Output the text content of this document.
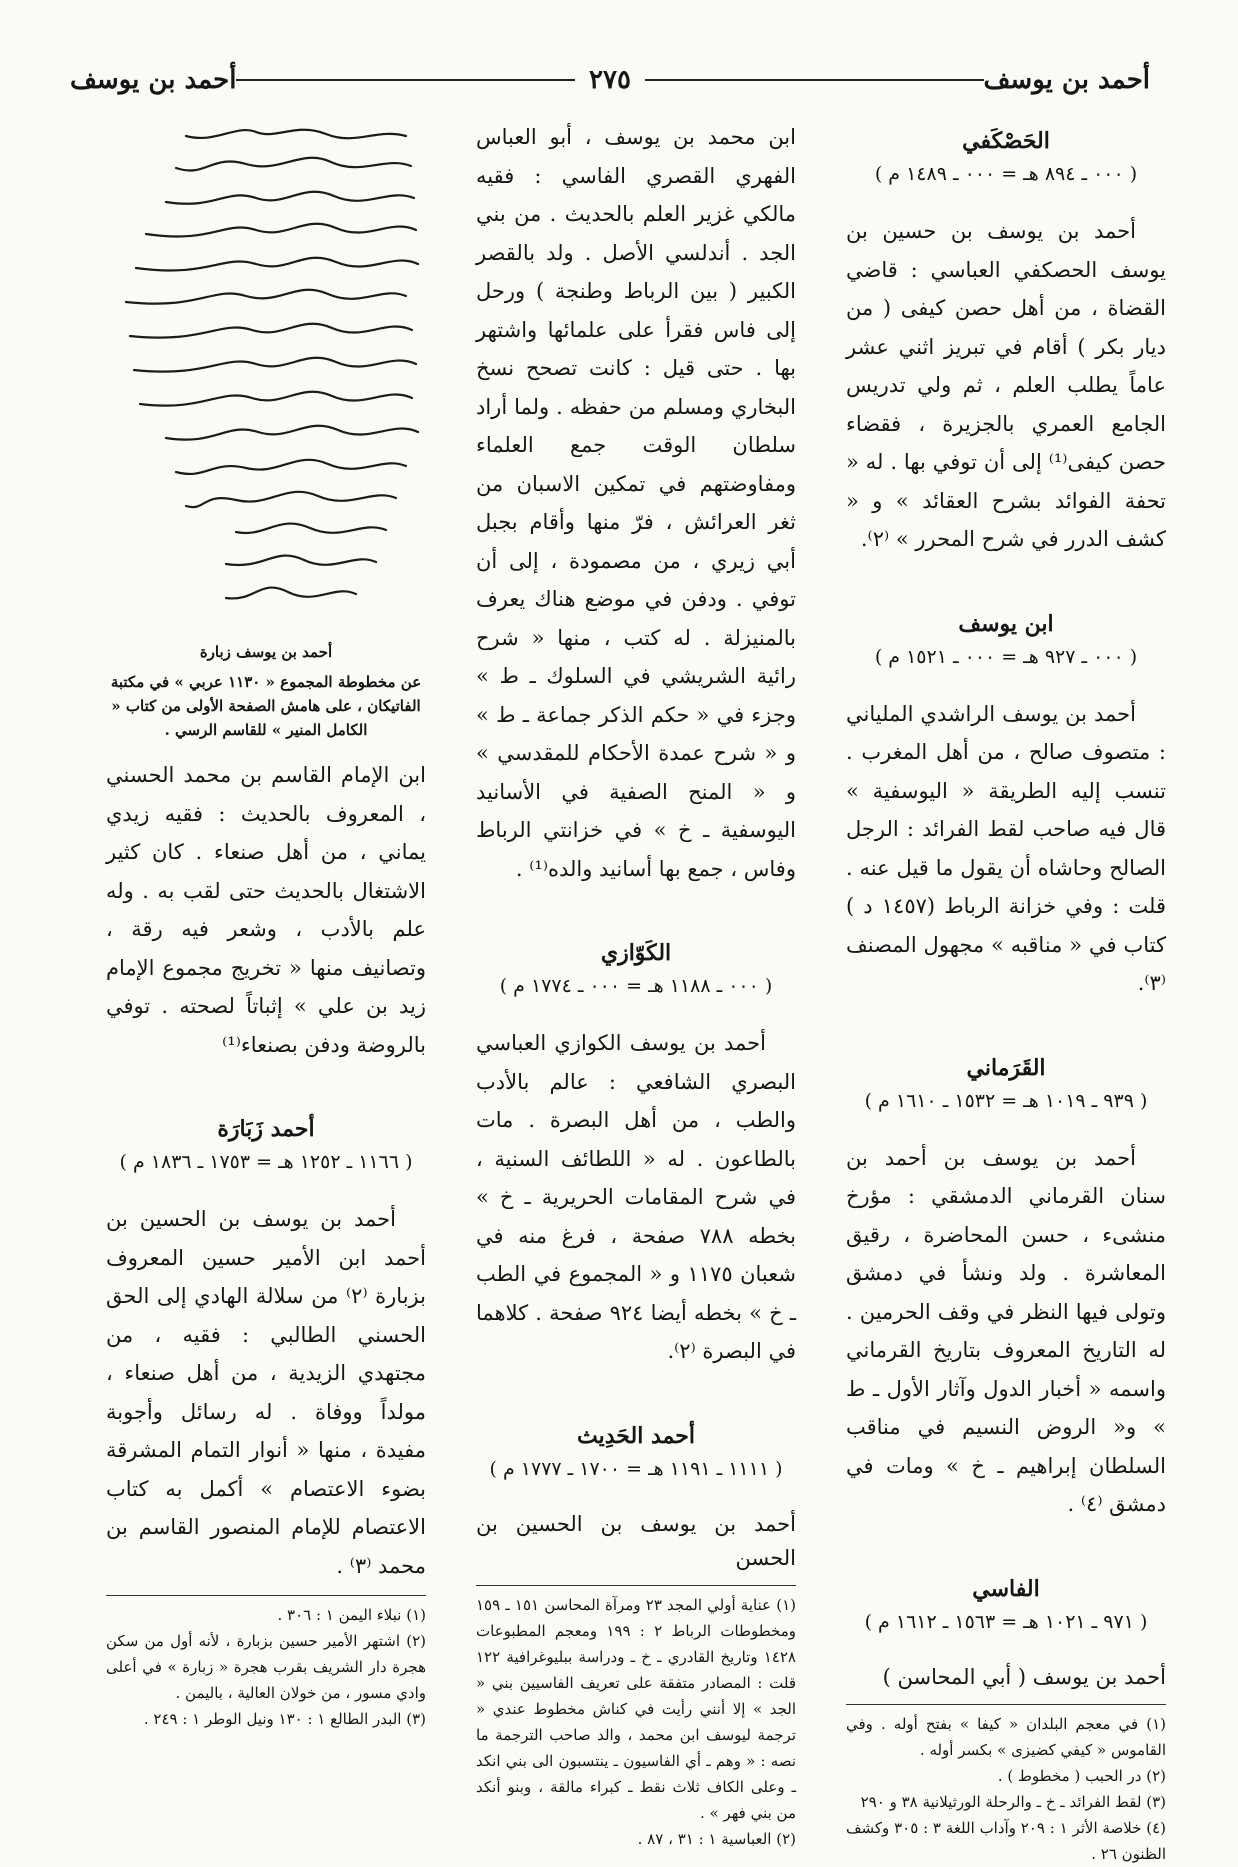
أحمد بن يوسف
٢٧٥
أحمد بن يوسف
الحَصْكَفي
( ٠٠٠ ـ ٨٩٤ هـ = ٠٠٠ ـ ١٤٨٩ م )

أحمد بن يوسف بن حسين بن يوسف الحصكفي العباسي : قاضي القضاة ، من أهل حصن كيفى ( من ديار بكر ) أقام في تبريز اثني عشر عاماً يطلب العلم ، ثم ولي تدريس الجامع العمري بالجزيرة ، فقضاء حصن كيفى⁽¹⁾ إلى أن توفي بها . له « تحفة الفوائد بشرح العقائد » و « كشف الدرر في شرح المحرر » ⁽٢⁾.

ابن يوسف
( ٠٠٠ ـ ٩٢٧ هـ = ٠٠٠ ـ ١٥٢١ م )

أحمد بن يوسف الراشدي الملياني : متصوف صالح ، من أهل المغرب . تنسب إليه الطريقة « اليوسفية » قال فيه صاحب لقط الفرائد : الرجل الصالح وحاشاه أن يقول ما قيل عنه . قلت : وفي خزانة الرباط (١٤٥٧ د ) كتاب في « مناقبه » مجهول المصنف ⁽٣⁾.

القَرَماني
( ٩٣٩ ـ ١٠١٩ هـ = ١٥٣٢ ـ ١٦١٠ م )

أحمد بن يوسف بن أحمد بن سنان القرماني الدمشقي : مؤرخ منشىء ، حسن المحاضرة ، رقيق المعاشرة . ولد ونشأ في دمشق وتولى فيها النظر في وقف الحرمين . له التاريخ المعروف بتاريخ القرماني واسمه « أخبار الدول وآثار الأول ـ ط » و« الروض النسيم في مناقب السلطان إبراهيم ـ خ » ومات في دمشق ⁽٤⁾ .

الفاسي
( ٩٧١ ـ ١٠٢١ هـ = ١٥٦٣ ـ ١٦١٢ م )

أحمد بن يوسف ( أبي المحاسن )

(١) في معجم البلدان « كيفا » بفتح أوله . وفي القاموس « كيفي كضيزى » بكسر أوله .

(٢) در الحبب ( مخطوط ) .

(٣) لقط الفرائد ـ خ ـ والرحلة الورثيلانية ٣٨ و ٢٩٠

(٤) خلاصة الأثر ١ : ٢٠٩ وآداب اللغة ٣ : ٣٠٥ وكشف الظنون ٢٦ .

ابن محمد بن يوسف ، أبو العباس الفهري القصري الفاسي : فقيه مالكي غزير العلم بالحديث . من بني الجد . أندلسي الأصل . ولد بالقصر الكبير ( بين الرباط وطنجة ) ورحل إلى فاس فقرأ على علمائها واشتهر بها . حتى قيل : كانت تصحح نسخ البخاري ومسلم من حفظه . ولما أراد سلطان الوقت جمع العلماء ومفاوضتهم في تمكين الاسبان من ثغر العرائش ، فرّ منها وأقام بجبل أبي زيري ، من مصمودة ، إلى أن توفي . ودفن في موضع هناك يعرف بالمنيزلة . له كتب ، منها « شرح رائية الشريشي في السلوك ـ ط » وجزء في « حكم الذكر جماعة ـ ط » و « شرح عمدة الأحكام للمقدسي » و « المنح الصفية في الأسانيد اليوسفية ـ خ » في خزانتي الرباط وفاس ، جمع بها أسانيد والده⁽¹⁾ .

الكَوّازي
( ٠٠٠ ـ ١١٨٨ هـ = ٠٠٠ ـ ١٧٧٤ م )

أحمد بن يوسف الكوازي العباسي البصري الشافعي : عالم بالأدب والطب ، من أهل البصرة . مات بالطاعون . له « اللطائف السنية ، في شرح المقامات الحريرية ـ خ » بخطه ٧٨٨ صفحة ، فرغ منه في شعبان ١١٧٥ و « المجموع في الطب ـ خ » بخطه أيضا ٩٢٤ صفحة . كلاهما في البصرة ⁽٢⁾.

أحمد الحَدِيث
( ١١١١ ـ ١١٩١ هـ = ١٧٠٠ ـ ١٧٧٧ م )

أحمد بن يوسف بن الحسين بن الحسن

(١) عناية أولي المجد ٢٣ ومرآة المحاسن ١٥١ ـ ١٥٩ ومخطوطات الرباط ٢ : ١٩٩ ومعجم المطبوعات ١٤٢٨ وتاريخ القادري ـ خ ـ ودراسة ببليوغرافية ١٢٢ قلت : المصادر متفقة على تعريف الفاسيين بني « الجد » إلا أنني رأيت في كناش مخطوط عندي « ترجمة ليوسف ابن محمد ، والد صاحب الترجمة ما نصه : « وهم ـ أي الفاسيون ـ ينتسبون الى بني انكد ـ وعلى الكاف ثلاث نقط ـ كبراء مالقة ، وبنو أنكد من بني فهر » .

(٢) العباسية ١ : ٣١ ، ٨٧ .

أحمد بن يوسف زبارة
عن مخطوطة المجموع « ١١٣٠ عربي » في مكتبة الفاتيكان ، على هامش الصفحة الأولى من كتاب « الكامل المنير » للقاسم الرسي .

ابن الإمام القاسم بن محمد الحسني ، المعروف بالحديث : فقيه زيدي يماني ، من أهل صنعاء . كان كثير الاشتغال بالحديث حتى لقب به . وله علم بالأدب ، وشعر فيه رقة ، وتصانيف منها « تخريج مجموع الإمام زيد بن علي » إثباتاً لصحته . توفي بالروضة ودفن بصنعاء⁽¹⁾

أحمد زَبَارَة
( ١١٦٦ ـ ١٢٥٢ هـ = ١٧٥٣ ـ ١٨٣٦ م )

أحمد بن يوسف بن الحسين بن أحمد ابن الأمير حسين المعروف بزبارة ⁽٢⁾ من سلالة الهادي إلى الحق الحسني الطالبي : فقيه ، من مجتهدي الزيدية ، من أهل صنعاء ، مولداً ووفاة . له رسائل وأجوبة مفيدة ، منها « أنوار التمام المشرقة بضوء الاعتصام » أكمل به كتاب الاعتصام للإمام المنصور القاسم بن محمد ⁽٣⁾ .

(١) نبلاء اليمن ١ : ٣٠٦ .

(٢) اشتهر الأمير حسين بزبارة ، لأنه أول من سكن هجرة دار الشريف بقرب هجرة « زبارة » في أعلى وادي مسور ، من خولان العالية ، باليمن .

(٣) البدر الطالع ١ : ١٣٠ ونيل الوطر ١ : ٢٤٩ .
